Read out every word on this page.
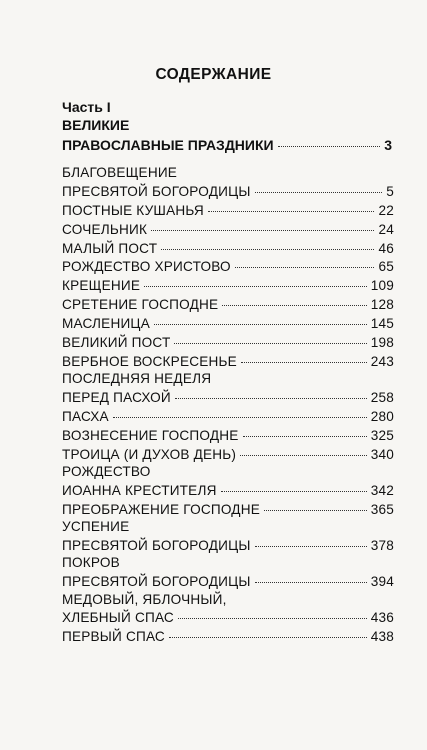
СОДЕРЖАНИЕ
Часть I
ВЕЛИКИЕ
ПРАВОСЛАВНЫЕ ПРАЗДНИКИ	3
БЛАГОВЕЩЕНИЕ
ПРЕСВЯТОЙ БОГОРОДИЦЫ	5
ПОСТНЫЕ КУШАНЬЯ	22
СОЧЕЛЬНИК	24
МАЛЫЙ ПОСТ	46
РОЖДЕСТВО ХРИСТОВО	65
КРЕЩЕНИЕ	109
СРЕТЕНИЕ ГОСПОДНЕ	128
МАСЛЕНИЦА	145
ВЕЛИКИЙ ПОСТ	198
ВЕРБНОЕ ВОСКРЕСЕНЬЕ	243
ПОСЛЕДНЯЯ НЕДЕЛЯ
ПЕРЕД ПАСХОЙ	258
ПАСХА	280
ВОЗНЕСЕНИЕ ГОСПОДНЕ	325
ТРОИЦА (И ДУХОВ ДЕНЬ)	340
РОЖДЕСТВО
ИОАННА КРЕСТИТЕЛЯ	342
ПРЕОБРАЖЕНИЕ ГОСПОДНЕ	365
УСПЕНИЕ
ПРЕСВЯТОЙ БОГОРОДИЦЫ	378
ПОКРОВ
ПРЕСВЯТОЙ БОГОРОДИЦЫ	394
МЕДОВЫЙ, ЯБЛОЧНЫЙ,
ХЛЕБНЫЙ СПАС	436
ПЕРВЫЙ СПАС	438
